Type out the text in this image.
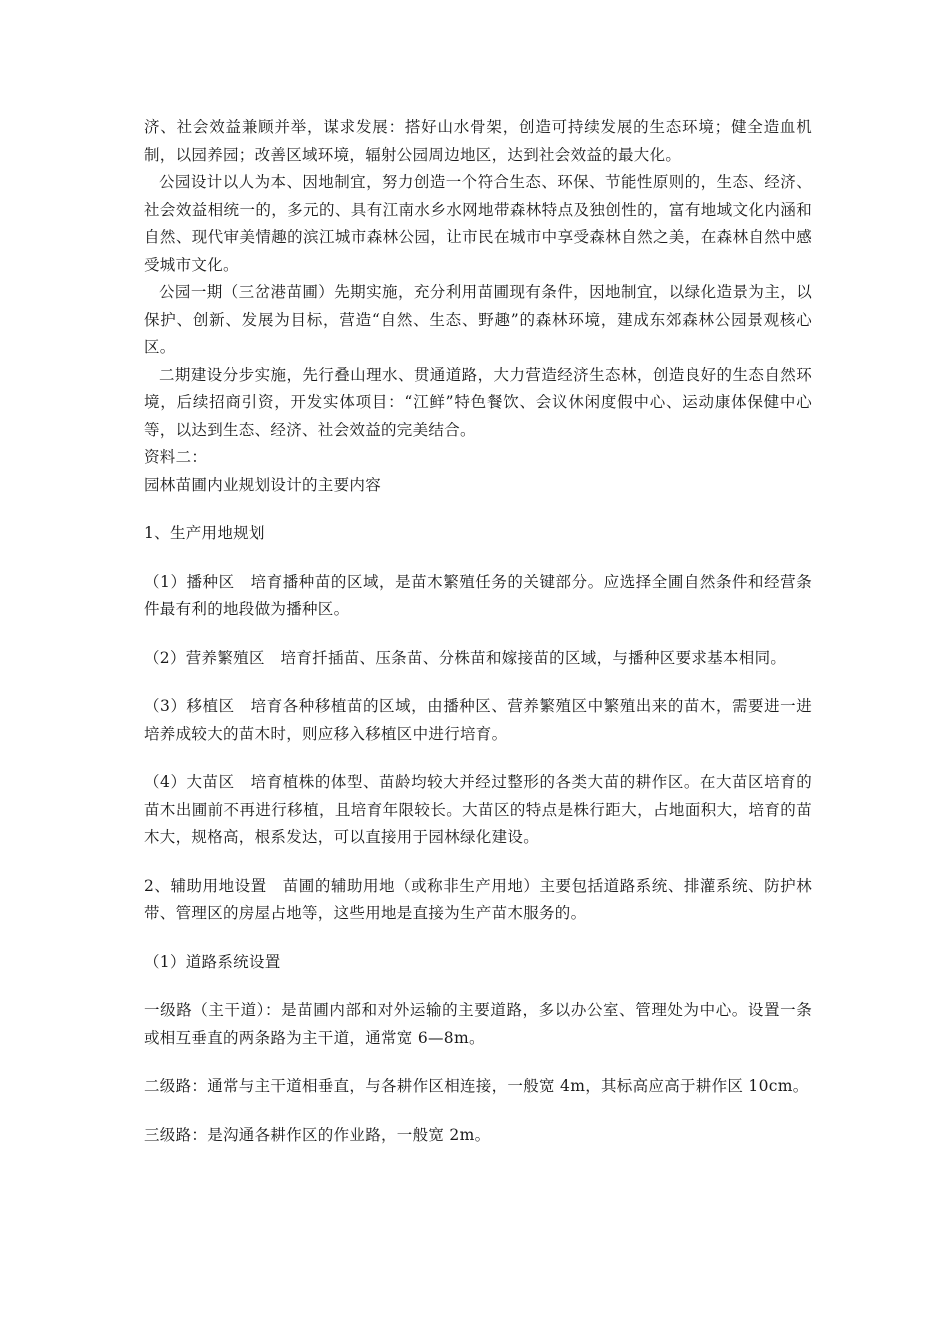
济、社会效益兼顾并举，谋求发展：搭好山水骨架，创造可持续发展的生态环境；健全造血机制，以园养园；改善区域环境，辐射公园周边地区，达到社会效益的最大化。

公园设计以人为本、因地制宜，努力创造一个符合生态、环保、节能性原则的，生态、经济、社会效益相统一的，多元的、具有江南水乡水网地带森林特点及独创性的，富有地域文化内涵和自然、现代审美情趣的滨江城市森林公园，让市民在城市中享受森林自然之美，在森林自然中感受城市文化。

公园一期（三岔港苗圃）先期实施，充分利用苗圃现有条件，因地制宜，以绿化造景为主，以保护、创新、发展为目标，营造“自然、生态、野趣”的森林环境，建成东郊森林公园景观核心区。

二期建设分步实施，先行叠山理水、贯通道路，大力营造经济生态林，创造良好的生态自然环境，后续招商引资，开发实体项目：“江鲜”特色餐饮、会议休闲度假中心、运动康体保健中心等，以达到生态、经济、社会效益的完美结合。

资料二：

园林苗圃内业规划设计的主要内容

1、生产用地规划

（1）播种区　培育播种苗的区域，是苗木繁殖任务的关键部分。应选择全圃自然条件和经营条件最有利的地段做为播种区。

（2）营养繁殖区　培育扦插苗、压条苗、分株苗和嫁接苗的区域，与播种区要求基本相同。

（3）移植区　培育各种移植苗的区域，由播种区、营养繁殖区中繁殖出来的苗木，需要进一进培养成较大的苗木时，则应移入移植区中进行培育。

（4）大苗区　培育植株的体型、苗龄均较大并经过整形的各类大苗的耕作区。在大苗区培育的苗木出圃前不再进行移植，且培育年限较长。大苗区的特点是株行距大，占地面积大，培育的苗木大，规格高，根系发达，可以直接用于园林绿化建设。

2、辅助用地设置　苗圃的辅助用地（或称非生产用地）主要包括道路系统、排灌系统、防护林带、管理区的房屋占地等，这些用地是直接为生产苗木服务的。

（1）道路系统设置

一级路（主干道）：是苗圃内部和对外运输的主要道路，多以办公室、管理处为中心。设置一条或相互垂直的两条路为主干道，通常宽 6—8m。

二级路：通常与主干道相垂直，与各耕作区相连接，一般宽 4m，其标高应高于耕作区 10cm。

三级路：是沟通各耕作区的作业路，一般宽 2m。
